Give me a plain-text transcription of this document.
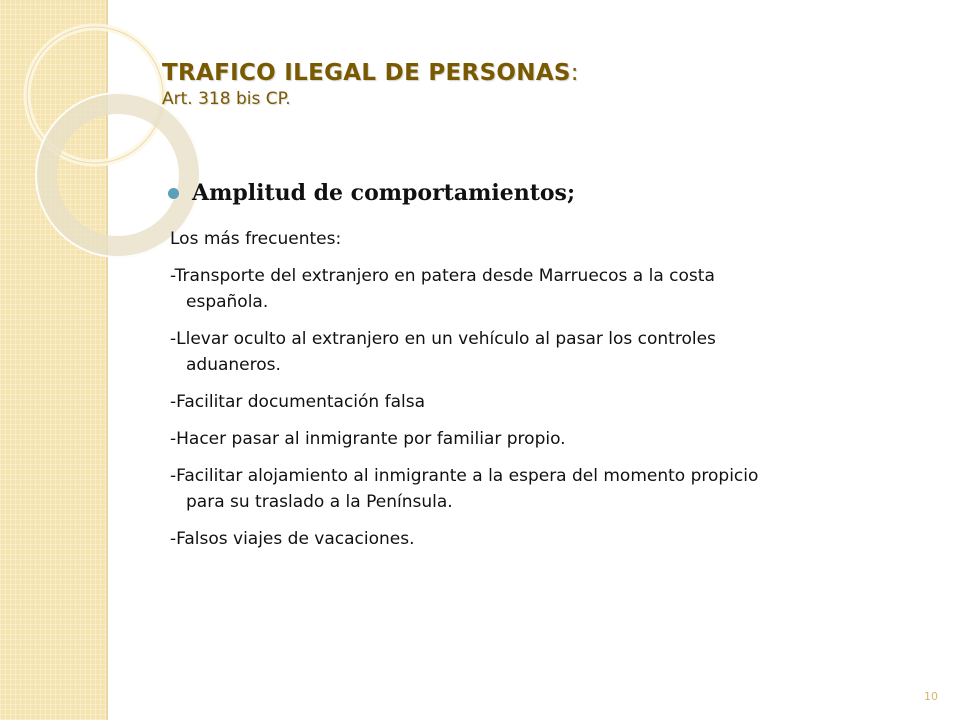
TRAFICO ILEGAL DE PERSONAS:
Art. 318 bis CP.
Amplitud de comportamientos;
Los más frecuentes:
-Transporte del extranjero en patera desde Marruecos a la costa
española.
-Llevar oculto al extranjero en un vehículo al pasar los controles
aduaneros.
-Facilitar documentación falsa
-Hacer pasar al inmigrante por familiar propio.
-Facilitar alojamiento al inmigrante a la espera del momento propicio
para su traslado a la Península.
-Falsos viajes de vacaciones.
10
